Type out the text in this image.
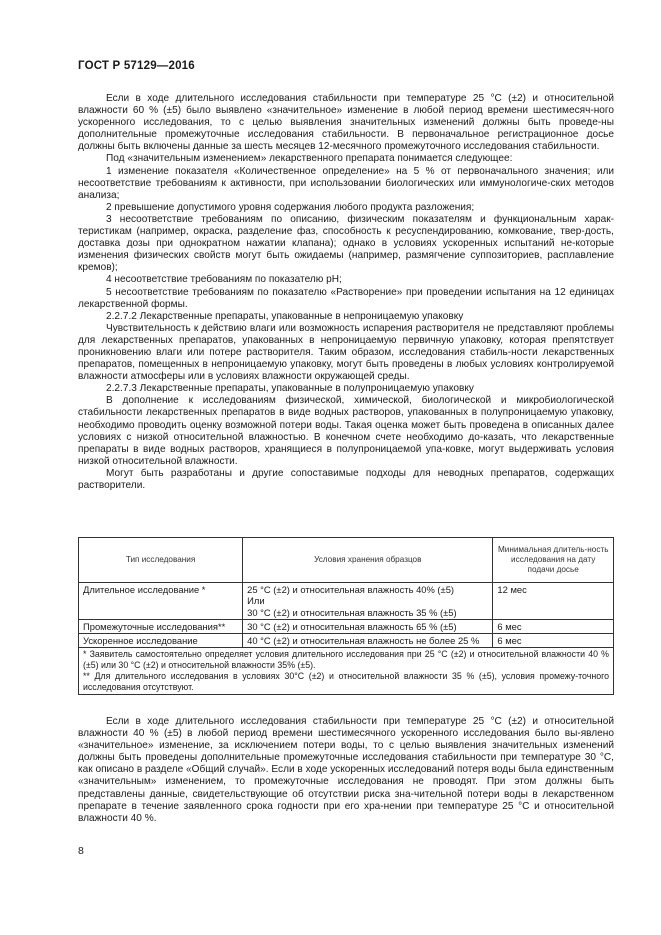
ГОСТ Р 57129—2016

Если в ходе длительного исследования стабильности при температуре 25 °С (±2) и относительной влажности 60 % (±5) было выявлено «значительное» изменение в любой период времени шестимесяч-ного ускоренного исследования, то с целью выявления значительных изменений должны быть проведе-ны дополнительные промежуточные исследования стабильности. В первоначальное регистрационное досье должны быть включены данные за шесть месяцев 12-месячного промежуточного исследования стабильности.

Под «значительным изменением» лекарственного препарата понимается следующее:

1 изменение показателя «Количественное определение» на 5 % от первоначального значения; или несоответствие требованиям к активности, при использовании биологических или иммунологиче-ских методов анализа;

2 превышение допустимого уровня содержания любого продукта разложения;

3 несоответствие требованиям по описанию, физическим показателям и функциональным харак-теристикам (например, окраска, разделение фаз, способность к ресуспендированию, комкование, твер-дость, доставка дозы при однократном нажатии клапана); однако в условиях ускоренных испытаний не-которые изменения физических свойств могут быть ожидаемы (например, размягчение суппозиториев, расплавление кремов);

4 несоответствие требованиям по показателю рН;

5 несоответствие требованиям по показателю «Растворение» при проведении испытания на 12 единицах лекарственной формы.

2.2.7.2 Лекарственные препараты, упакованные в непроницаемую упаковку

Чувствительность к действию влаги или возможность испарения растворителя не представляют проблемы для лекарственных препаратов, упакованных в непроницаемую первичную упаковку, которая препятствует проникновению влаги или потере растворителя. Таким образом, исследования стабиль-ности лекарственных препаратов, помещенных в непроницаемую упаковку, могут быть проведены в любых условиях контролируемой влажности атмосферы или в условиях влажности окружающей среды.

2.2.7.3 Лекарственные препараты, упакованные в полупроницаемую упаковку

В дополнение к исследованиям физической, химической, биологической и микробиологической стабильности лекарственных препаратов в виде водных растворов, упакованных в полупроницаемую упаковку, необходимо проводить оценку возможной потери воды. Такая оценка может быть проведена в описанных далее условиях с низкой относительной влажностью. В конечном счете необходимо до-казать, что лекарственные препараты в виде водных растворов, хранящиеся в полупроницаемой упа-ковке, могут выдерживать условия низкой относительной влажности.

Могут быть разработаны и другие сопоставимые подходы для неводных препаратов, содержащих растворители.

Тип исследования	Условия хранения образцов	Минимальная длитель-ность исследования на дату подачи досье
Длительное исследование *	25 °С (±2) и относительная влажность 40% (±5)
Или
30 °С (±2) и относительная влажность 35 % (±5)	12 мес
Промежуточные исследования**	30 °С (±2) и относительная влажность 65 % (±5)	6 мес
Ускоренное исследование	40 °С (±2) и относительная влажность не более 25 %	6 мес

* Заявитель самостоятельно определяет условия длительного исследования при 25 °С (±2) и относительной влажности 40 % (±5) или 30 °С (±2) и относительной влажности 35% (±5).
** Для длительного исследования в условиях 30°С (±2) и относительной влажности 35 % (±5), условия промежу-точного исследования отсутствуют.		

Если в ходе длительного исследования стабильности при температуре 25 °С (±2) и относительной влажности 40 % (±5) в любой период времени шестимесячного ускоренного исследования было вы-явлено «значительное» изменение, за исключением потери воды, то с целью выявления значительных изменений должны быть проведены дополнительные промежуточные исследования стабильности при температуре 30 °С, как описано в разделе «Общий случай». Если в ходе ускоренных исследований потеря воды была единственным «значительным» изменением, то промежуточные исследования не проводят. При этом должны быть представлены данные, свидетельствующие об отсутствии риска зна-чительной потери воды в лекарственном препарате в течение заявленного срока годности при его хра-нении при температуре 25 °С и относительной влажности 40 %.

8
